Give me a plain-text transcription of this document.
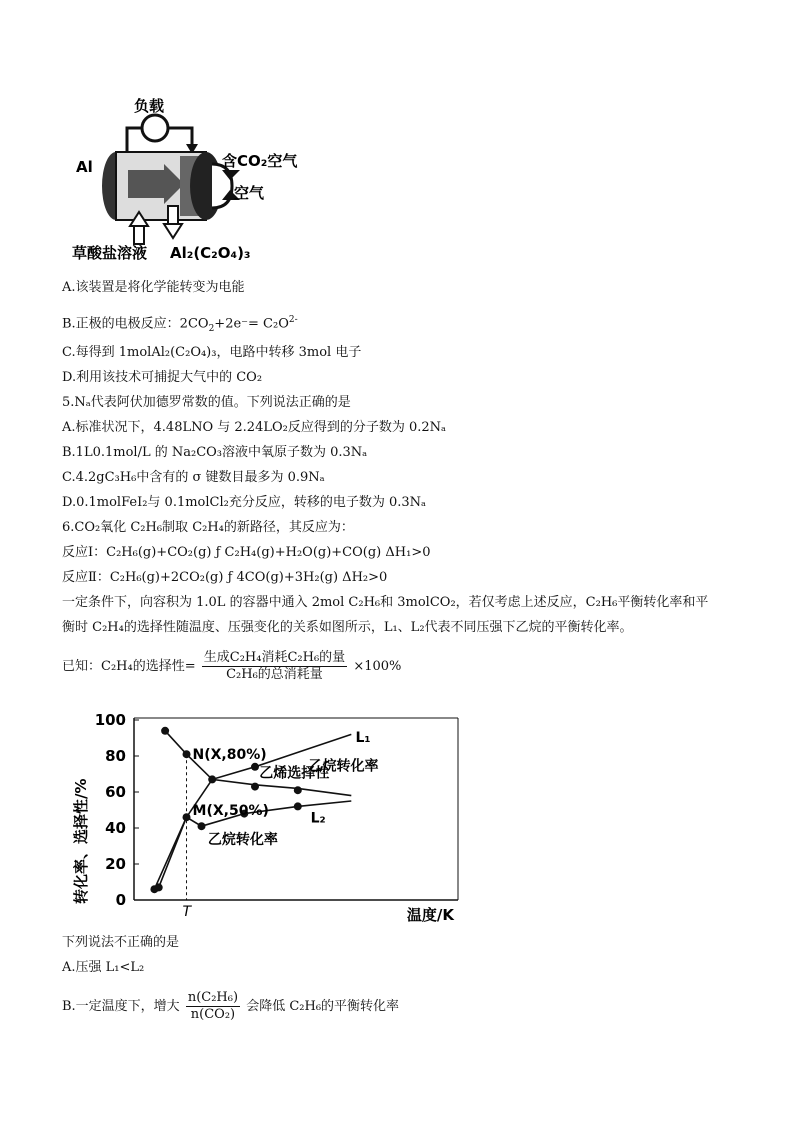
负载
Al	含CO₂空气
空气
草酸盐溶液 Al₂(C₂O₄)₃
A.该装置是将化学能转变为电能
B.正极的电极反应：$2CO_2+2e^-= C_2O^{2-}$
C.每得到 1molAl₂(C₂O₄)₃，电路中转移 3mol 电子
D.利用该技术可捕捉大气中的 CO₂
5.Nₐ代表阿伏加德罗常数的值。下列说法正确的是
A.标准状况下，4.48LNO 与 2.24LO₂反应得到的分子数为 0.2Nₐ
B.1L0.1mol/L 的 Na₂CO₃溶液中氧原子数为 0.3Nₐ
C.4.2gC₃H₆中含有的 σ 键数目最多为 0.9Nₐ
D.0.1molFeI₂与 0.1molCl₂充分反应，转移的电子数为 0.3Nₐ
6.CO₂氧化 C₂H₆制取 C₂H₄的新路径，其反应为：
反应Ⅰ：C₂H₆(g)+CO₂(g) ƒ C₂H₄(g)+H₂O(g)+CO(g) ΔH₁>0
反应Ⅱ：C₂H₆(g)+2CO₂(g) ƒ 4CO(g)+3H₂(g) ΔH₂>0
一定条件下，向容积为 1.0L 的容器中通入 2mol C₂H₆和 3molCO₂，若仅考虑上述反应，C₂H₆平衡转化率和平
衡时 C₂H₄的选择性随温度、压强变化的关系如图所示，L₁、L₂代表不同压强下乙烷的平衡转化率。
已知：C₂H₄的选择性= $\frac{\text{生成C₂H₄消耗C₂H₆的量}}{\text{C₂H₆的总消耗量}} \times 100\%$
0
20
40
60
80
100
转化率、选择性/%
温度/K
T
N(X,80%)
M(X,50%)
L₁
L₂
乙烯选择性
乙烷转化率
乙烷转化率
下列说法不正确的是
A.压强 L₁<L₂
B.一定温度下，增大 $\frac{\text{n(C₂H₆)}}{\text{n(CO₂)}}$ 会降低 C₂H₆的平衡转化率
